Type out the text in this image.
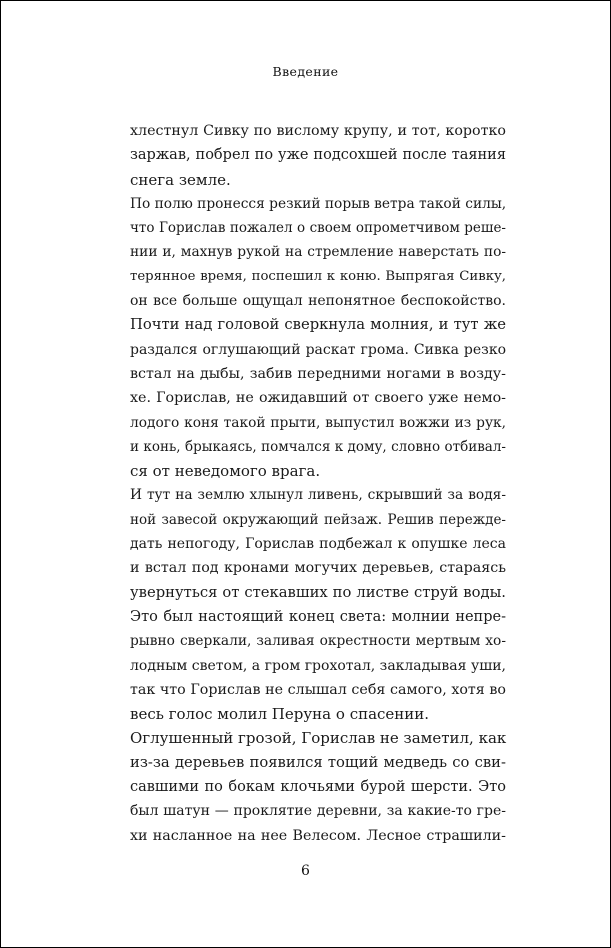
Введение
хлестнул Сивку по вислому крупу, и тот, коротко
заржав, побрел по уже подсохшей после таяния
снега земле.
По полю пронесся резкий порыв ветра такой силы,
что Горислав пожалел о своем опрометчивом реше-
нии и, махнув рукой на стремление наверстать по-
терянное время, поспешил к коню. Выпрягая Сивку,
он все больше ощущал непонятное беспокойство.
Почти над головой сверкнула молния, и тут же
раздался оглушающий раскат грома. Сивка резко
встал на дыбы, забив передними ногами в возду-
хе. Горислав, не ожидавший от своего уже немо-
лодого коня такой прыти, выпустил вожжи из рук,
и конь, брыкаясь, помчался к дому, словно отбивал-
ся от неведомого врага.
И тут на землю хлынул ливень, скрывший за водя-
ной завесой окружающий пейзаж. Решив пережде-
дать непогоду, Горислав подбежал к опушке леса
и встал под кронами могучих деревьев, стараясь
увернуться от стекавших по листве струй воды.
Это был настоящий конец света: молнии непре-
рывно сверкали, заливая окрестности мертвым хо-
лодным светом, а гром грохотал, закладывая уши,
так что Горислав не слышал себя самого, хотя во
весь голос молил Перуна о спасении.
Оглушенный грозой, Горислав не заметил, как
из-за деревьев появился тощий медведь со сви-
савшими по бокам клочьями бурой шерсти. Это
был шатун — проклятие деревни, за какие-то гре-
хи насланное на нее Велесом. Лесное страшили-
6
